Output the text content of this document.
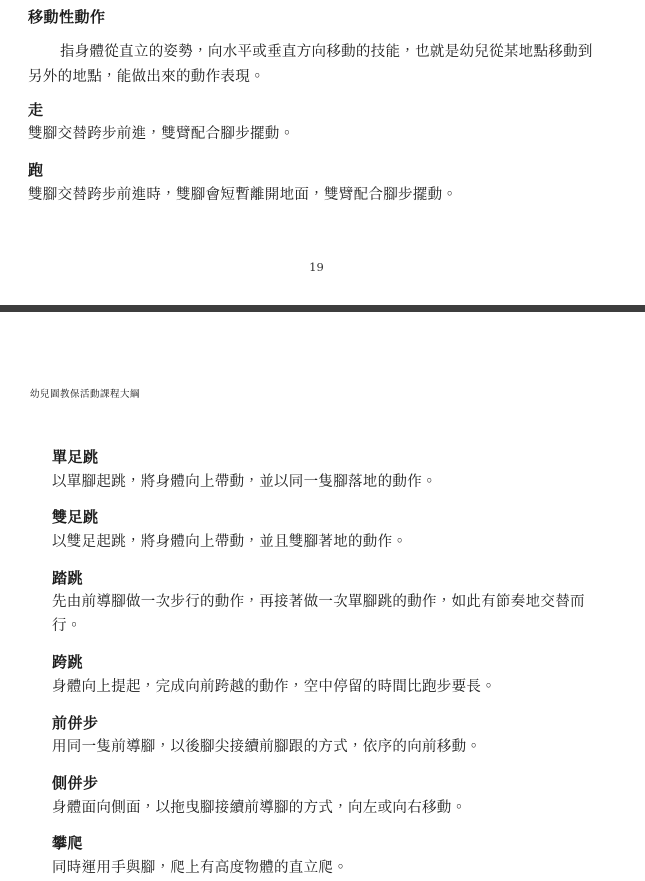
移動性動作

指身體從直立的姿勢，向水平或垂直方向移動的技能，也就是幼兒從某地點移動到另外的地點，能做出來的動作表現。

走
雙腳交替跨步前進，雙臂配合腳步擺動。
跑
雙腳交替跨步前進時，雙腳會短暫離開地面，雙臂配合腳步擺動。
19
幼兒園教保活動課程大綱
單足跳
以單腳起跳，將身體向上帶動，並以同一隻腳落地的動作。
雙足跳
以雙足起跳，將身體向上帶動，並且雙腳著地的動作。
踏跳
先由前導腳做一次步行的動作，再接著做一次單腳跳的動作，如此有節奏地交替而行。
跨跳
身體向上提起，完成向前跨越的動作，空中停留的時間比跑步要長。
前併步
用同一隻前導腳，以後腳尖接續前腳跟的方式，依序的向前移動。
側併步
身體面向側面，以拖曳腳接續前導腳的方式，向左或向右移動。
攀爬
同時運用手與腳，爬上有高度物體的直立爬。
